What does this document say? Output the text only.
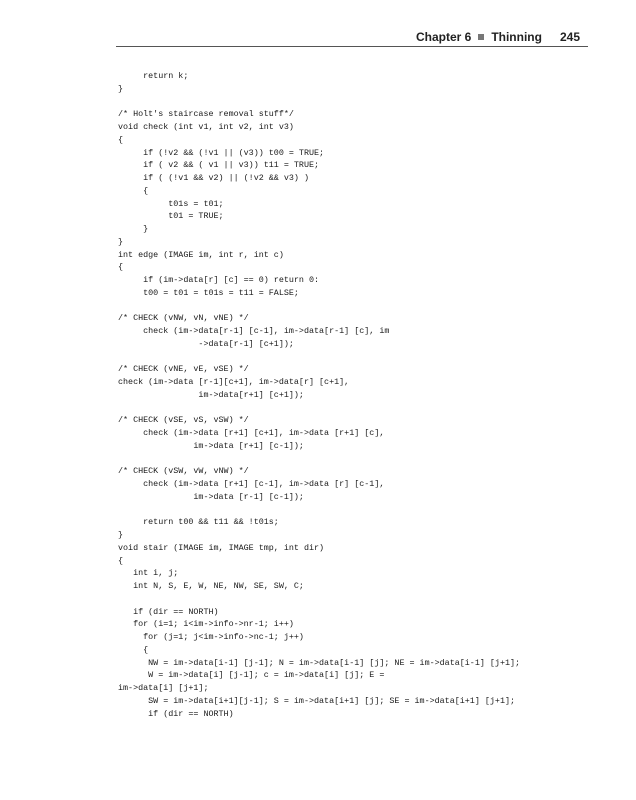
Chapter 6 Thinning 245
return k;
}
/* Holt's staircase removal stuff*/
void check (int v1, int v2, int v3)
{
if (!v2 && (!v1 || (v3)) t00 = TRUE;
if ( v2 && ( v1 || v3)) t11 = TRUE;
if ( (!v1 && v2) || (!v2 && v3) )
{
t01s = t01;
t01 = TRUE;
}
}
int edge (IMAGE im, int r, int c)
{
if (im->data[r] [c] == 0) return 0:
t00 = t01 = t01s = t11 = FALSE;
/* CHECK (vNW, vN, vNE) */
check (im->data[r-1] [c-1], im->data[r-1] [c], im
->data[r-1] [c+1]);
/* CHECK (vNE, vE, vSE) */
check (im->data [r-1][c+1], im->data[r] [c+1],
im->data[r+1] [c+1]);
/* CHECK (vSE, vS, vSW) */
check (im->data [r+1] [c+1], im->data [r+1] [c],
im->data [r+1] [c-1]);
/* CHECK (vSW, vW, vNW) */
check (im->data [r+1] [c-1], im->data [r] [c-1],
im->data [r-1] [c-1]);
return t00 && t11 && !t01s;
}
void stair (IMAGE im, IMAGE tmp, int dir)
{
int i, j;
int N, S, E, W, NE, NW, SE, SW, C;
if (dir == NORTH)
for (i=1; i<im->info->nr-1; i++)
for (j=1; j<im->info->nc-1; j++)
{
NW = im->data[i-1] [j-1]; N = im->data[i-1] [j]; NE = im->data[i-1] [j+1];
W = im->data[i] [j-1]; c = im->data[i] [j]; E =
im->data[i] [j+1];
SW = im->data[i+1][j-1]; S = im->data[i+1] [j]; SE = im->data[i+1] [j+1];
if (dir == NORTH)
